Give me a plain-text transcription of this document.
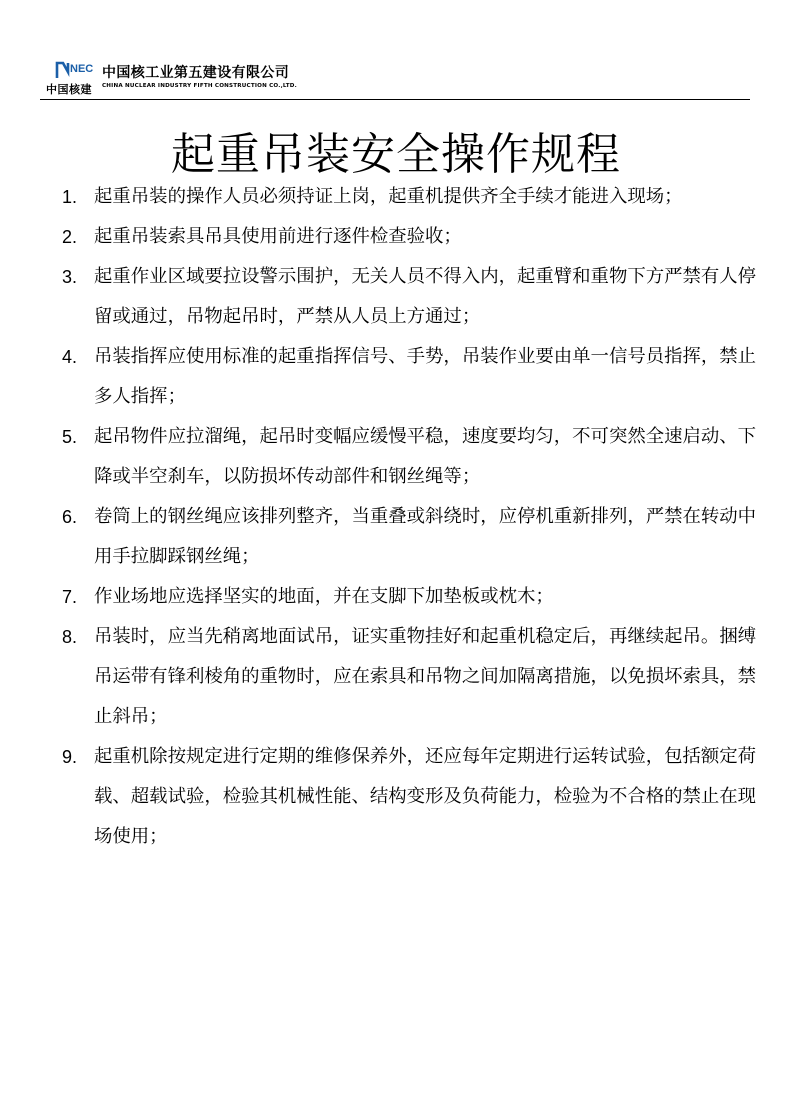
NEC
中国核建
中国核工业第五建设有限公司
CHINA NUCLEAR INDUSTRY FIFTH CONSTRUCTION CO.,LTD.
起重吊装安全操作规程
1. 起重吊装的操作人员必须持证上岗，起重机提供齐全手续才能进入现场；
2. 起重吊装索具吊具使用前进行逐件检查验收；
3. 起重作业区域要拉设警示围护，无关人员不得入内，起重臂和重物下方严禁有人停留或通过，吊物起吊时，严禁从人员上方通过；
4. 吊装指挥应使用标准的起重指挥信号、手势，吊装作业要由单一信号员指挥，禁止多人指挥；
5. 起吊物件应拉溜绳，起吊时变幅应缓慢平稳，速度要均匀，不可突然全速启动、下降或半空刹车，以防损坏传动部件和钢丝绳等；
6. 卷筒上的钢丝绳应该排列整齐，当重叠或斜绕时，应停机重新排列，严禁在转动中用手拉脚踩钢丝绳；
7. 作业场地应选择坚实的地面，并在支脚下加垫板或枕木；
8. 吊装时，应当先稍离地面试吊，证实重物挂好和起重机稳定后，再继续起吊。捆缚吊运带有锋利棱角的重物时，应在索具和吊物之间加隔离措施，以免损坏索具，禁止斜吊；
9. 起重机除按规定进行定期的维修保养外，还应每年定期进行运转试验，包括额定荷载、超载试验，检验其机械性能、结构变形及负荷能力，检验为不合格的禁止在现场使用；
